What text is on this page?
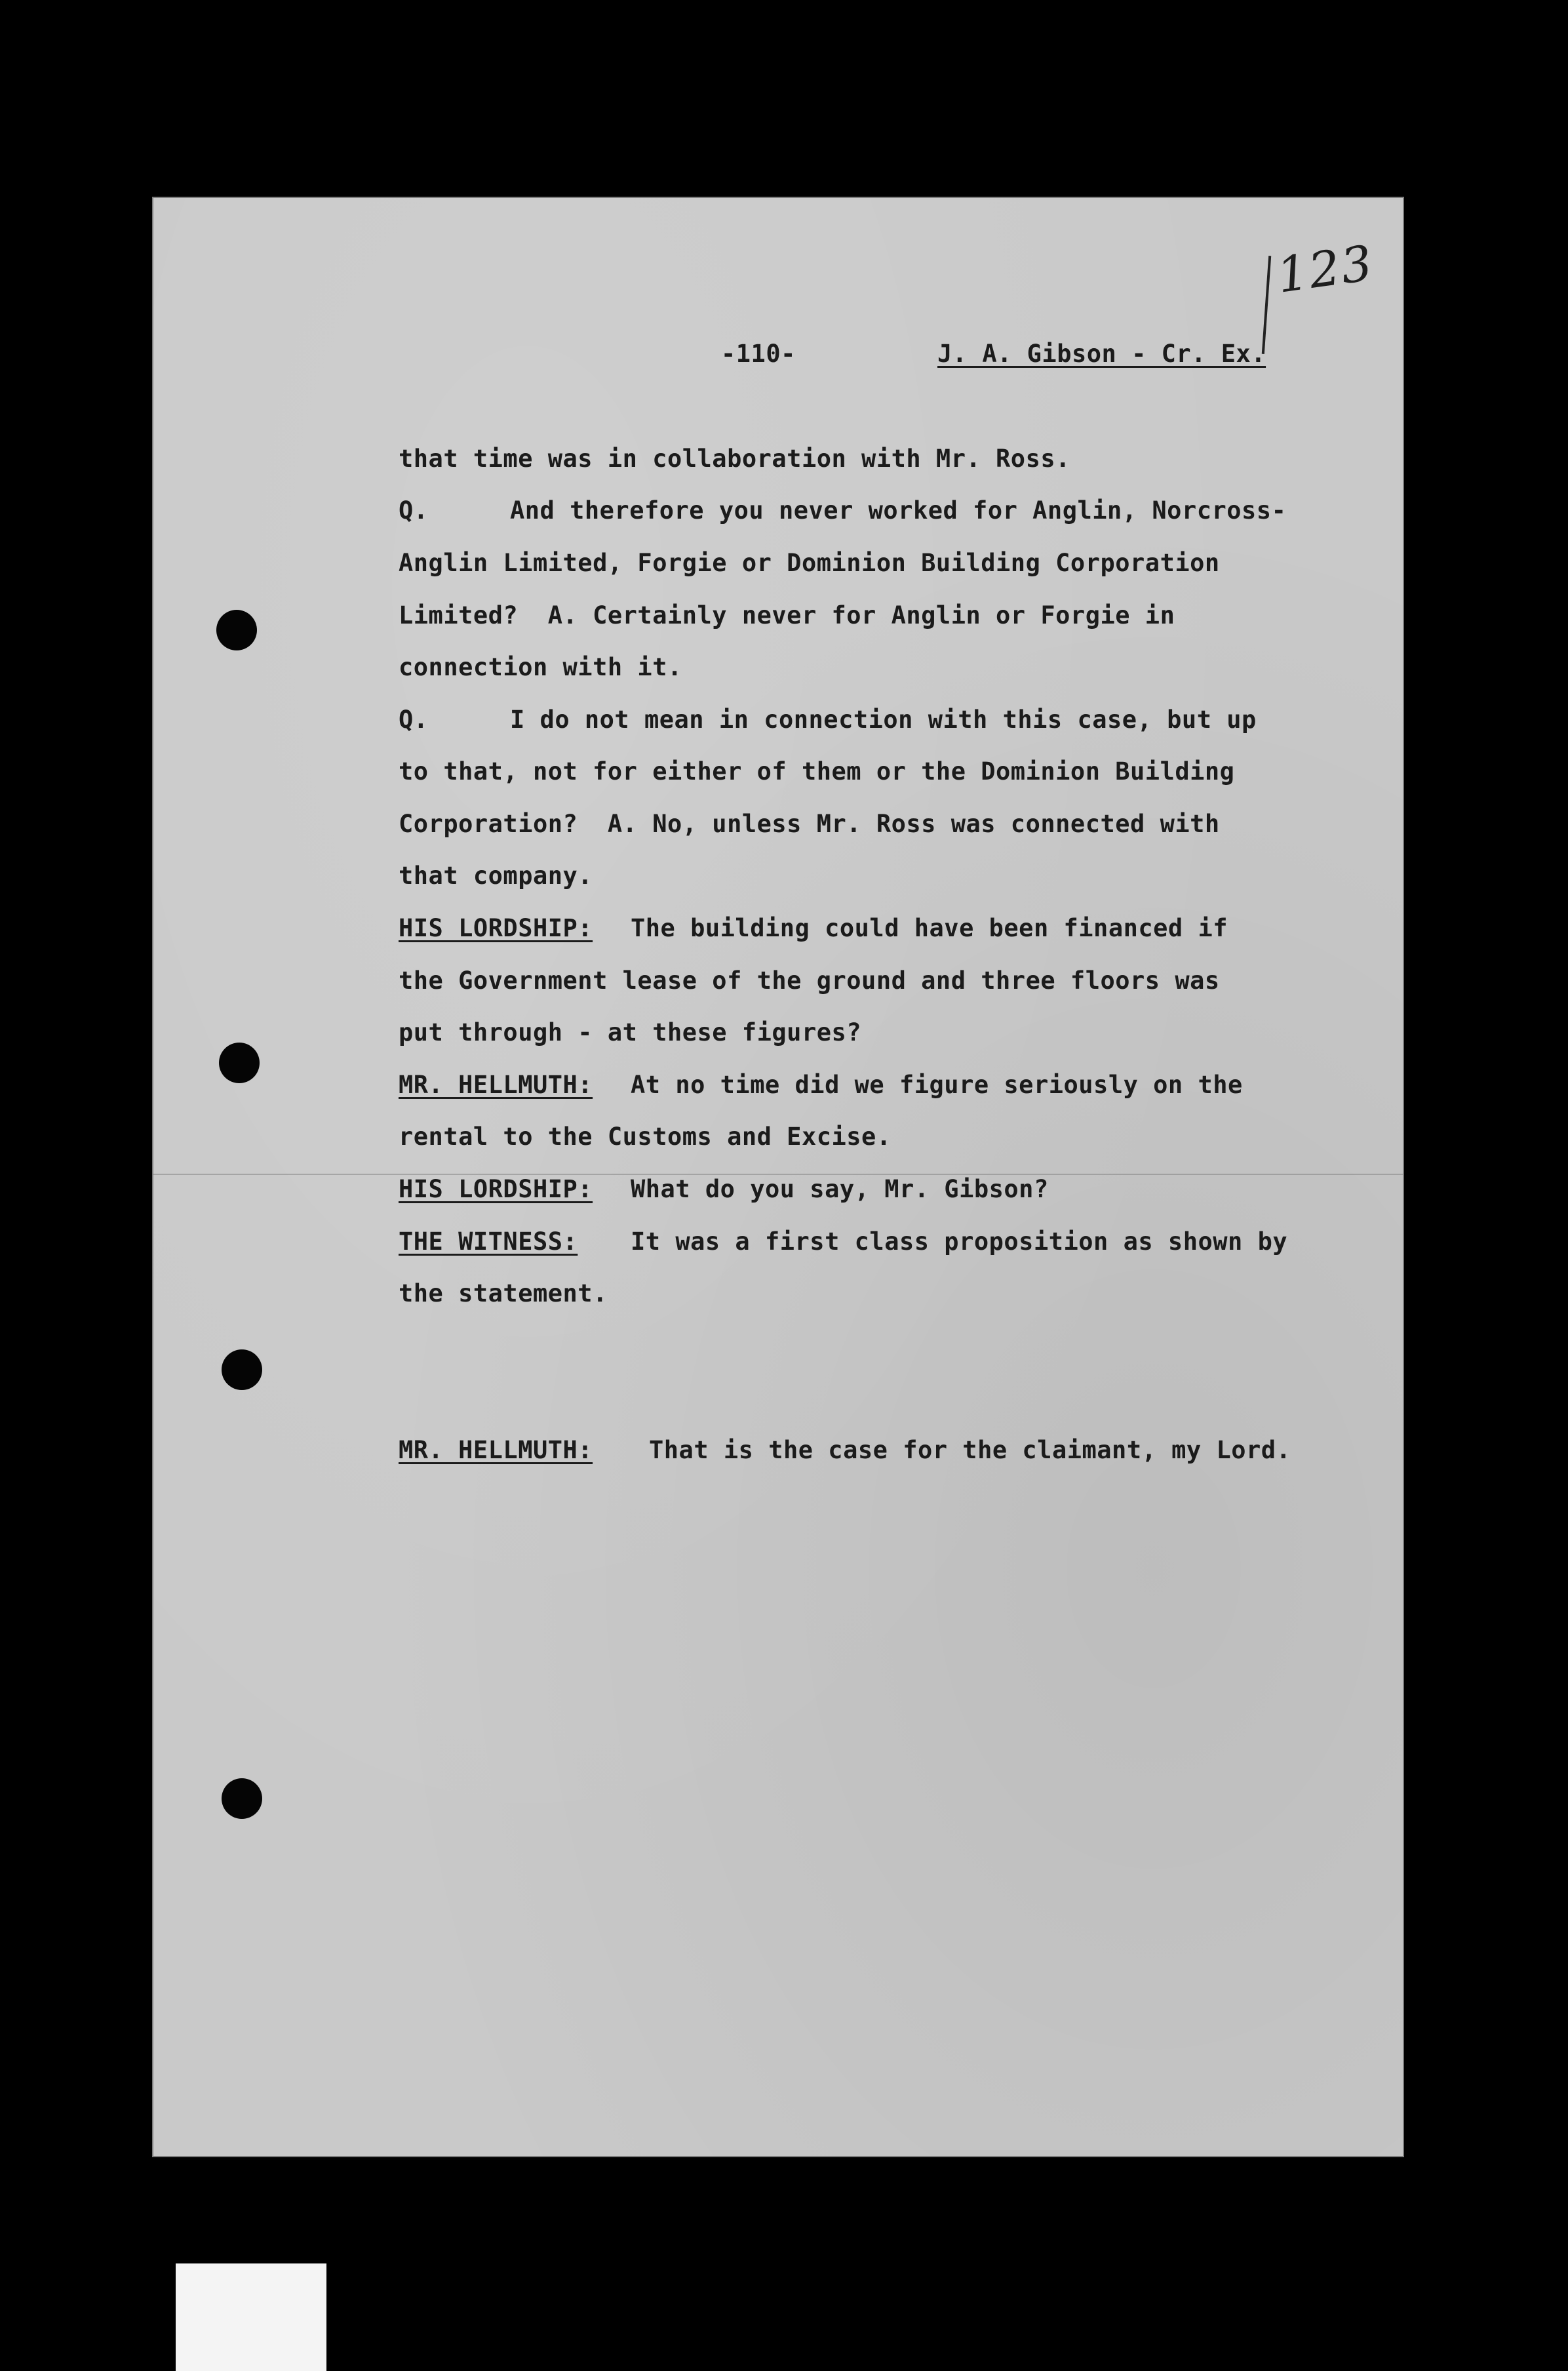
123
-110-	J. A. Gibson - Cr. Ex.
that time was in collaboration with Mr. Ross.
Q.	And therefore you never worked for Anglin, Norcross-
Anglin Limited, Forgie or Dominion Building Corporation
Limited?  A. Certainly never for Anglin or Forgie in
connection with it.
Q.	I do not mean in connection with this case, but up
to that, not for either of them or the Dominion Building
Corporation?  A. No, unless Mr. Ross was connected with
that company.
HIS LORDSHIP: The building could have been financed if
the Government lease of the ground and three floors was
put through - at these figures?
MR. HELLMUTH: At no time did we figure seriously on the
rental to the Customs and Excise.
HIS LORDSHIP: What do you say, Mr. Gibson?
THE WITNESS: It was a first class proposition as shown by
the statement.
MR. HELLMUTH: That is the case for the claimant, my Lord.
